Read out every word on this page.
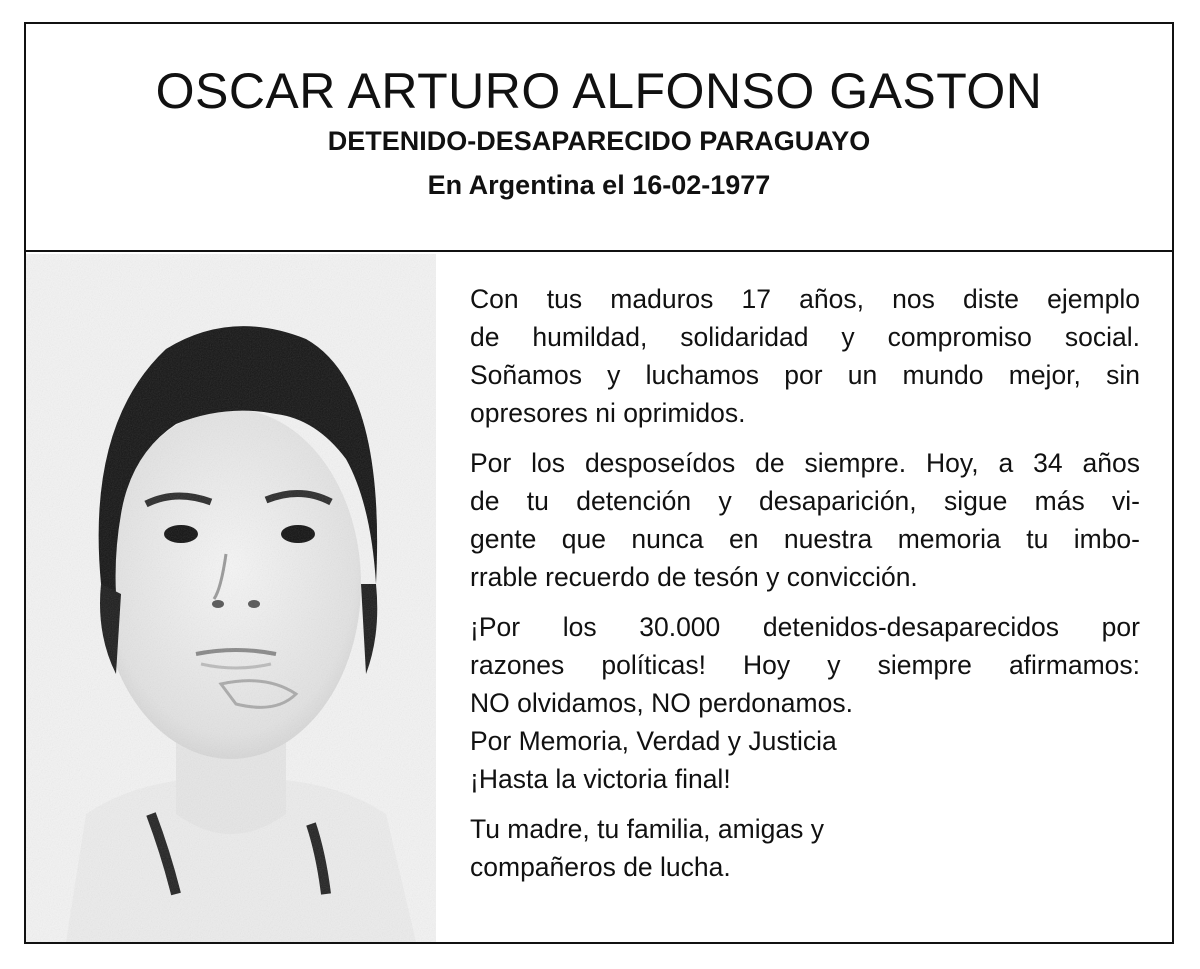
OSCAR ARTURO ALFONSO GASTON
DETENIDO-DESAPARECIDO PARAGUAYO
En Argentina el 16-02-1977

Con tus maduros 17 años, nos diste ejemplo
de humildad, solidaridad y compromiso social.
Soñamos y luchamos por un mundo mejor, sin
opresores ni oprimidos.

Por los desposeídos de siempre. Hoy, a 34 años
de tu detención y desaparición, sigue más vi-
gente que nunca en nuestra memoria tu imbo-
rrable recuerdo de tesón y convicción.

¡Por los 30.000 detenidos-desaparecidos por
razones políticas! Hoy y siempre afirmamos:
NO olvidamos, NO perdonamos.
Por Memoria, Verdad y Justicia
¡Hasta la victoria final!

Tu madre, tu familia, amigas y
compañeros de lucha.
